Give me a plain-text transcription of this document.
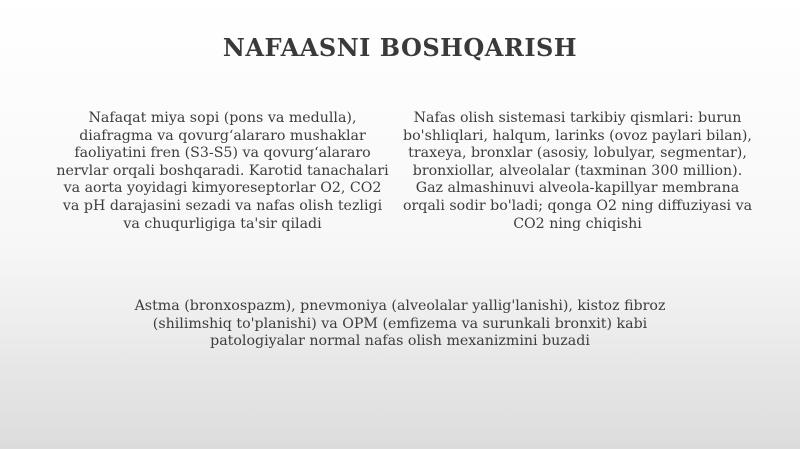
NAFAASNI BOSHQARISH

Nafaqat miya sopi (pons va medulla), diafragma va qovurg‘alararo mushaklar faoliyatini fren (S3-S5) va qovurg‘alararo nervlar orqali boshqaradi. Karotid tanachalari va aorta yoyidagi kimyoreseptorlar O2, CO2 va pH darajasini sezadi va nafas olish tezligi va chuqurligiga ta'sir qiladi

Nafas olish sistemasi tarkibiy qismlari: burun bo'shliqlari, halqum, larinks (ovoz paylari bilan), traxeya, bronxlar (asosiy, lobulyar, segmentar), bronxiollar, alveolalar (taxminan 300 million). Gaz almashinuvi alveola-kapillyar membrana orqali sodir bo'ladi; qonga O2 ning diffuziyasi va CO2 ning chiqishi

Astma (bronxospazm), pnevmoniya (alveolalar yallig'lanishi), kistoz fibroz (shilimshiq to'planishi) va OPM (emfizema va surunkali bronxit) kabi patologiyalar normal nafas olish mexanizmini buzadi
